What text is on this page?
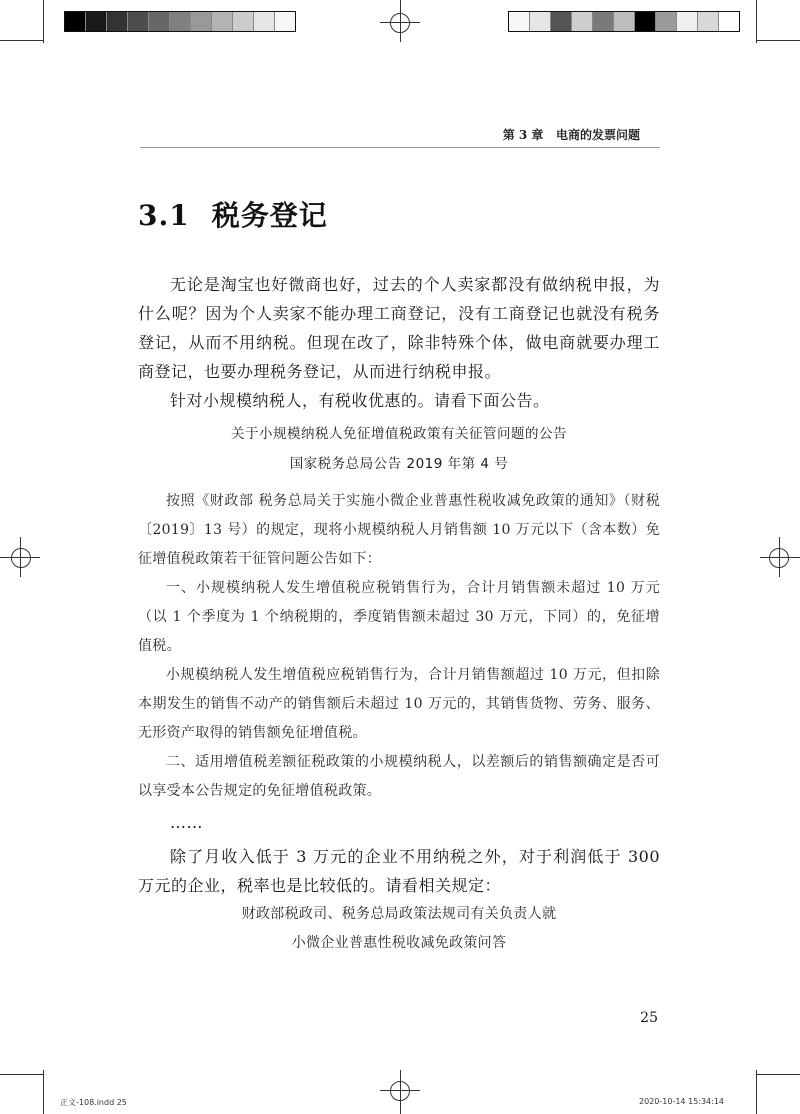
第 3 章 电商的发票问题
3.1 税务登记
无论是淘宝也好微商也好，过去的个人卖家都没有做纳税申报，为什么呢？因为个人卖家不能办理工商登记，没有工商登记也就没有税务登记，从而不用纳税。但现在改了，除非特殊个体，做电商就要办理工商登记，也要办理税务登记，从而进行纳税申报。
针对小规模纳税人，有税收优惠的。请看下面公告。
关于小规模纳税人免征增值税政策有关征管问题的公告
国家税务总局公告 2019 年第 4 号
按照《财政部 税务总局关于实施小微企业普惠性税收减免政策的通知》（财税〔2019〕13 号）的规定，现将小规模纳税人月销售额 10 万元以下（含本数）免征增值税政策若干征管问题公告如下：
一、小规模纳税人发生增值税应税销售行为，合计月销售额未超过 10 万元（以 1 个季度为 1 个纳税期的，季度销售额未超过 30 万元，下同）的，免征增值税。
小规模纳税人发生增值税应税销售行为，合计月销售额超过 10 万元，但扣除本期发生的销售不动产的销售额后未超过 10 万元的，其销售货物、劳务、服务、无形资产取得的销售额免征增值税。
二、适用增值税差额征税政策的小规模纳税人，以差额后的销售额确定是否可以享受本公告规定的免征增值税政策。
……
除了月收入低于 3 万元的企业不用纳税之外，对于利润低于 300 万元的企业，税率也是比较低的。请看相关规定：
财政部税政司、税务总局政策法规司有关负责人就
小微企业普惠性税收减免政策问答
25
正文-108.indd 25	2020-10-14 15:34:14
